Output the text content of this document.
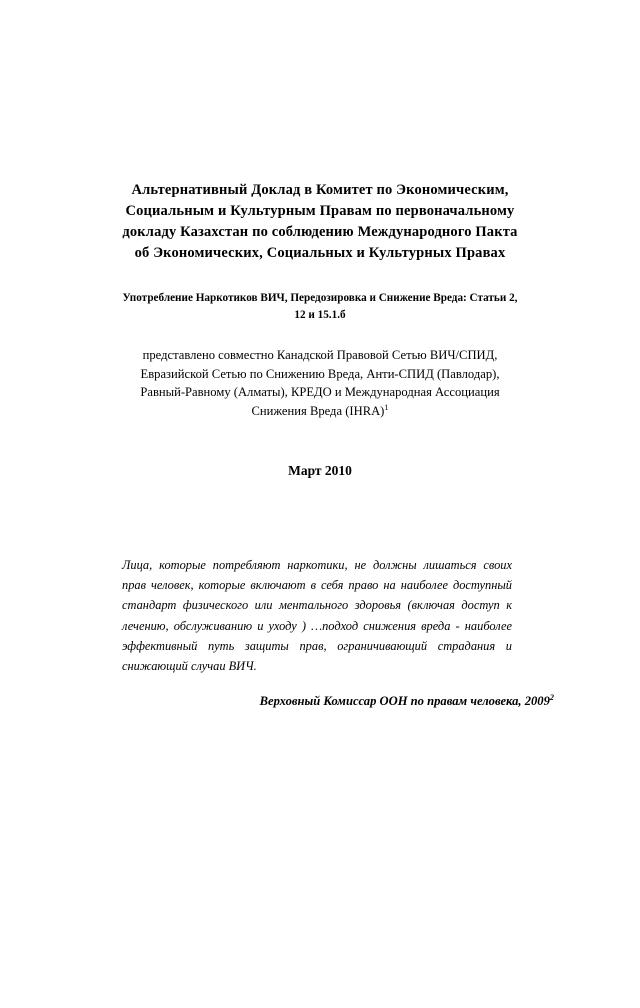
Альтернативный Доклад в Комитет по Экономическим,
Социальным и Культурным Правам по первоначальному
докладу Казахстан по соблюдению Международного Пакта
об Экономических, Социальных и Культурных Правах
Употребление Наркотиков ВИЧ, Передозировка и Снижение Вреда: Статьи 2,
12 и 15.1.б
представлено совместно Канадской Правовой Сетью ВИЧ/СПИД,
Евразийской Сетью по Снижению Вреда, Анти-СПИД (Павлодар),
Равный-Равному (Алматы), КРЕДО и Международная Ассоциация
Снижения Вреда (IHRA)$^1$
Март 2010
Лица, которые потребляют наркотики, не должны лишаться своих прав человек, которые включают в себя право на наиболее доступный стандарт физического или ментального здоровья (включая доступ к лечению, обслуживанию и уходу ) …подход снижения вреда - наиболее эффективный путь защиты прав, ограничивающий страдания и снижающий случаи ВИЧ.
Верховный Комиссар ООН по правам человека, 2009$^2$
